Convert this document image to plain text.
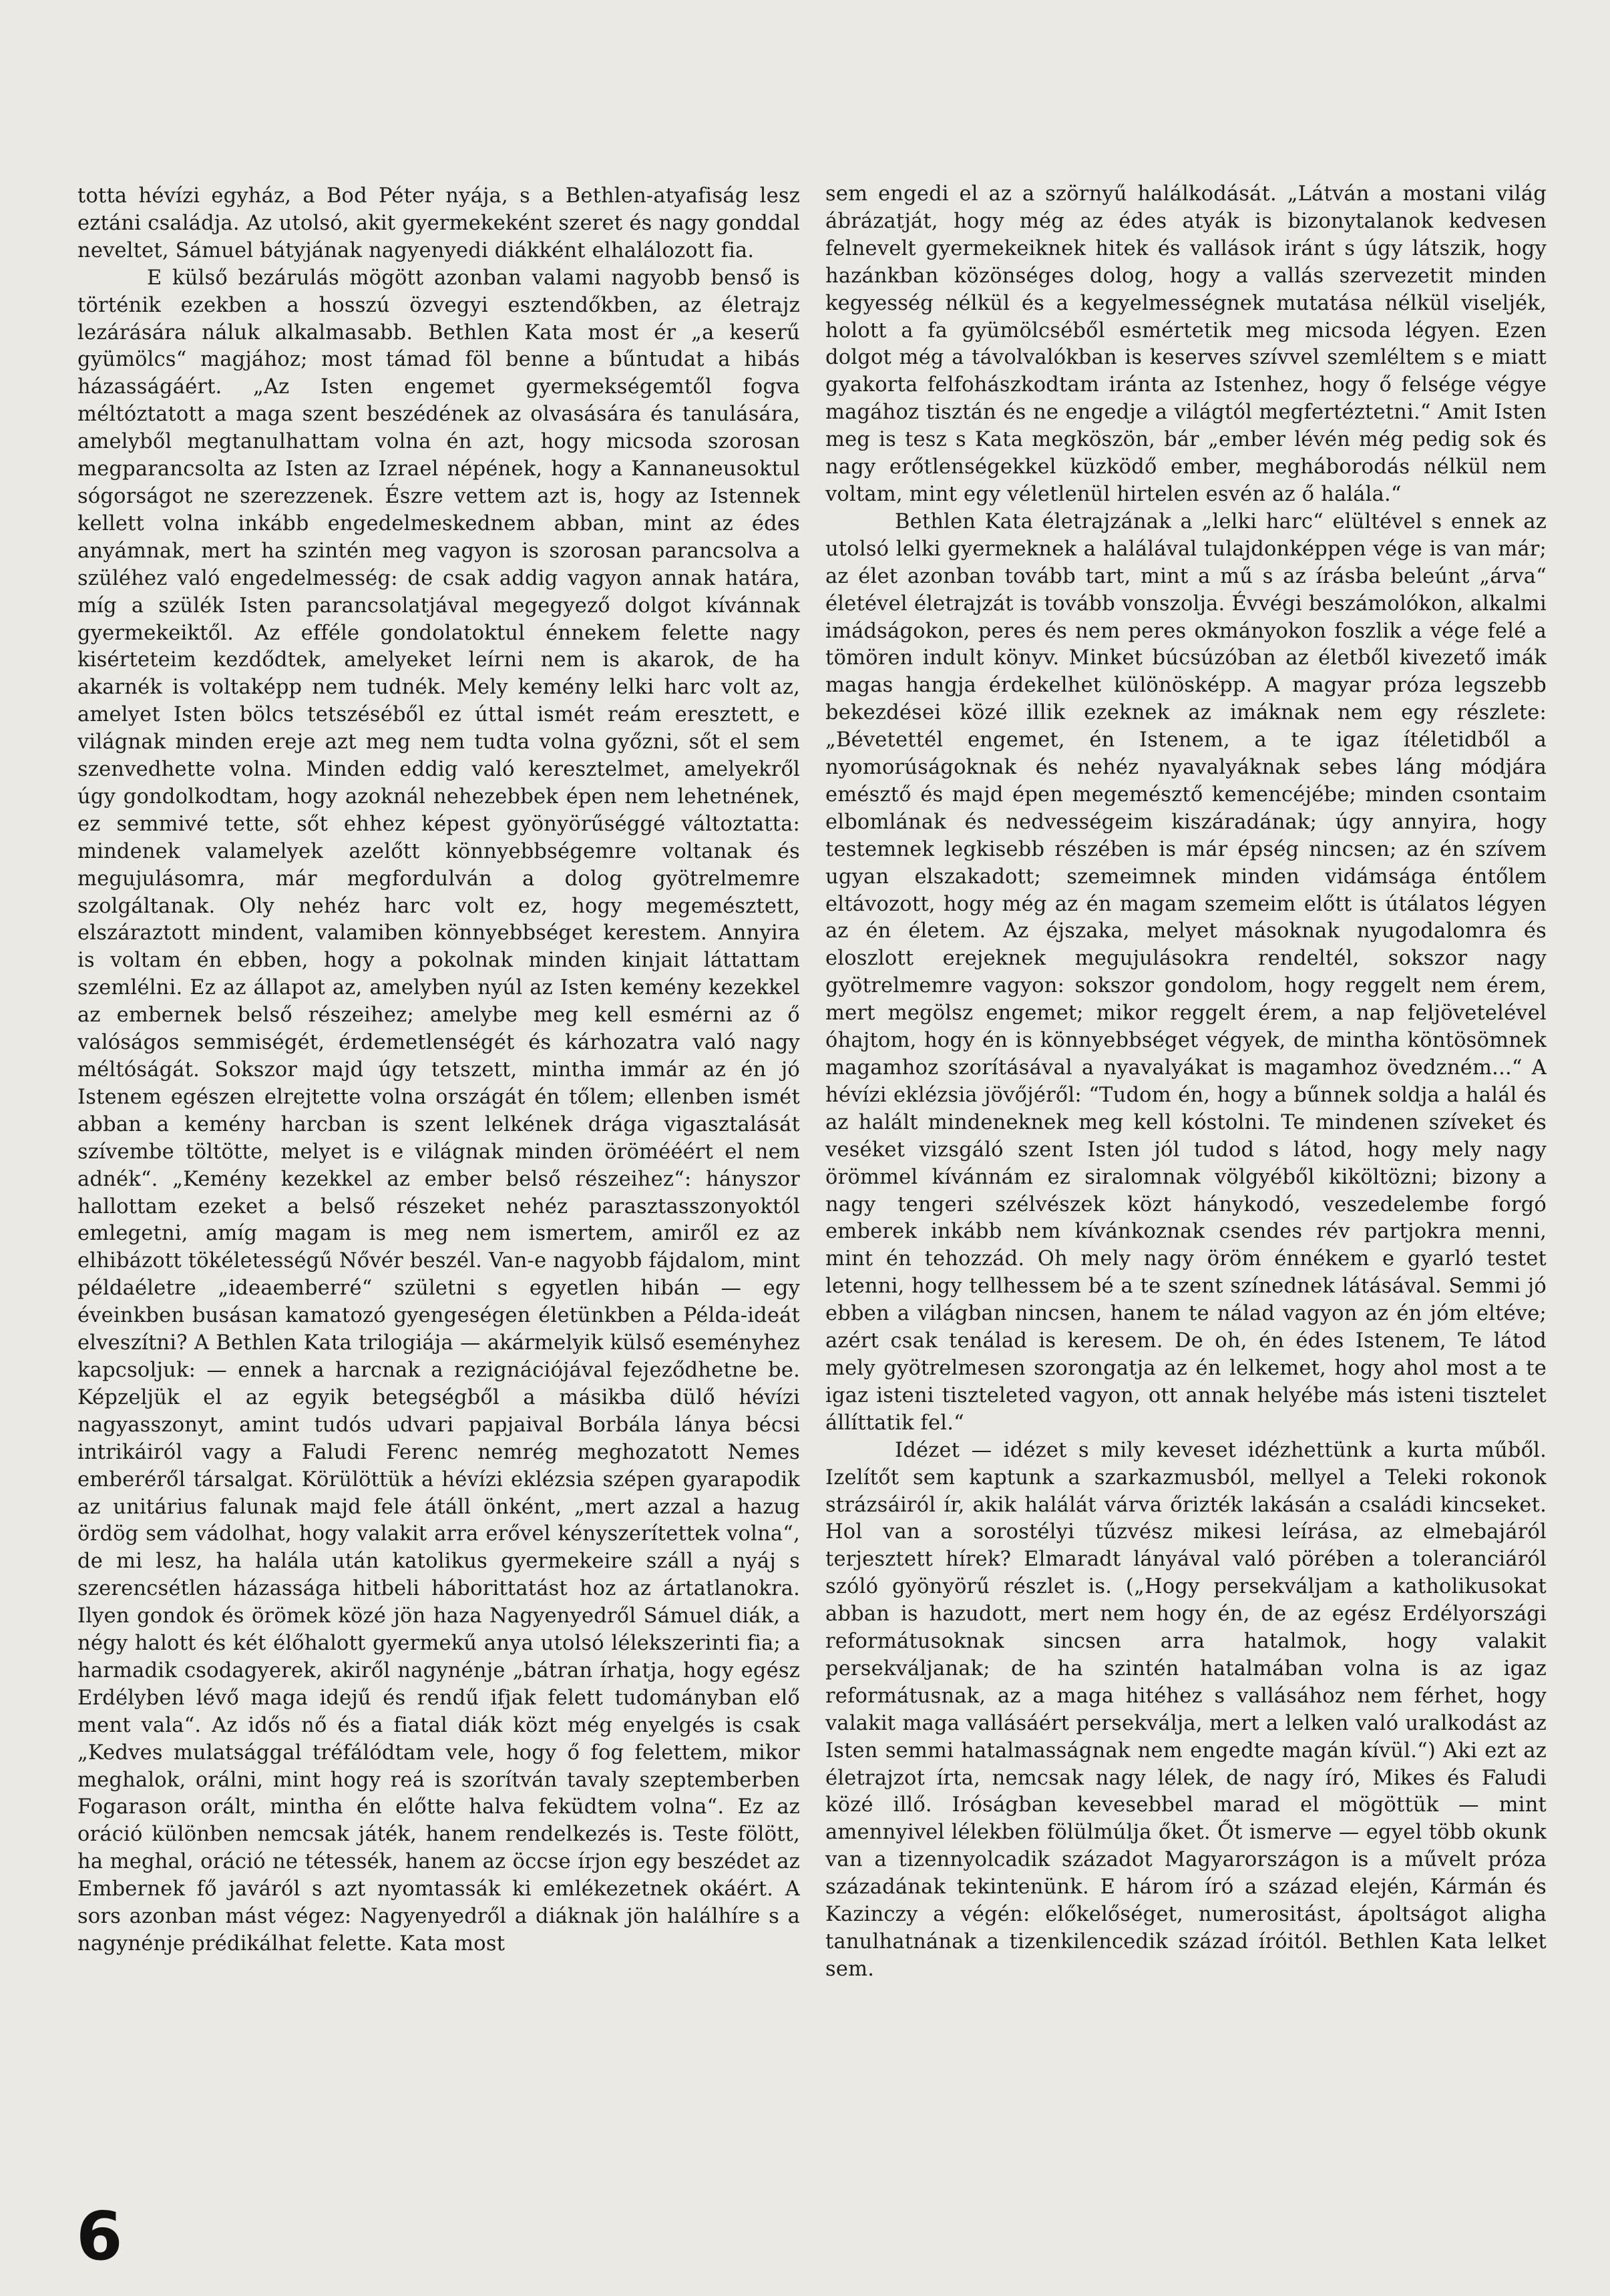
totta hévízi egyház, a Bod Péter nyája, s a Bethlen-atyafiság lesz eztáni családja. Az utolsó, akit gyermekeként szeret és nagy gonddal neveltet, Sámuel bátyjának nagyenyedi diákként elhalálozott fia.

E külső bezárulás mögött azonban valami nagyobb benső is történik ezekben a hosszú özvegyi esztendőkben, az életrajz lezárására náluk alkalmasabb. Bethlen Kata most ér „a keserű gyümölcs“ magjához; most támad föl benne a bűntudat a hibás házasságáért. „Az Isten engemet gyermekségemtől fogva méltóztatott a maga szent beszédének az olvasására és tanulására, amelyből megtanulhattam volna én azt, hogy micsoda szorosan megparancsolta az Isten az Izrael népének, hogy a Kannaneusoktul sógorságot ne szerezzenek. Észre vettem azt is, hogy az Istennek kellett volna inkább engedelmeskednem abban, mint az édes anyámnak, mert ha szintén meg vagyon is szorosan parancsolva a szüléhez való engedelmesség: de csak addig vagyon annak határa, míg a szülék Isten parancsolatjával megegyező dolgot kívánnak gyermekeiktől. Az efféle gondolatoktul énnekem felette nagy kisérteteim kezdődtek, amelyeket leírni nem is akarok, de ha akarnék is voltaképp nem tudnék. Mely kemény lelki harc volt az, amelyet Isten bölcs tetszéséből ez úttal ismét reám eresztett, e világnak minden ereje azt meg nem tudta volna győzni, sőt el sem szenvedhette volna. Minden eddig való keresztelmet, amelyekről úgy gondolkodtam, hogy azoknál nehezebbek épen nem lehetnének, ez semmivé tette, sőt ehhez képest gyönyörűséggé változtatta: mindenek valamelyek azelőtt könnyebbségemre voltanak és megujulásomra, már megfordulván a dolog gyötrelmemre szolgáltanak. Oly nehéz harc volt ez, hogy megemésztett, elszáraztott mindent, valamiben könnyebbséget kerestem. Annyira is voltam én ebben, hogy a pokolnak minden kinjait láttattam szemlélni. Ez az állapot az, amelyben nyúl az Isten kemény kezekkel az embernek belső részeihez; amelybe meg kell esmérni az ő valóságos semmiségét, érdemetlenségét és kárhozatra való nagy méltóságát. Sokszor majd úgy tetszett, mintha immár az én jó Istenem egészen elrejtette volna országát én tőlem; ellenben ismét abban a kemény harcban is szent lelkének drága vigasztalását szívembe töltötte, melyet is e világnak minden örömééért el nem adnék“. „Kemény kezekkel az ember belső részeihez“: hányszor hallottam ezeket a belső részeket nehéz parasztasszonyoktól emlegetni, amíg magam is meg nem ismertem, amiről ez az elhibázott tökéletességű Nővér beszél. Van-e nagyobb fájdalom, mint példaéletre „ideaemberré“ születni s egyetlen hibán — egy éveinkben busásan kamatozó gyengeségen életünkben a Példa-ideát elveszítni? A Bethlen Kata trilogiája — akármelyik külső eseményhez kapcsoljuk: — ennek a harcnak a rezignációjával fejeződhetne be. Képzeljük el az egyik betegségből a másikba dülő hévízi nagyasszonyt, amint tudós udvari papjaival Borbála lánya bécsi intrikáiról vagy a Faludi Ferenc nemrég meghozatott Nemes emberéről társalgat. Körülöttük a hévízi eklézsia szépen gyarapodik az unitárius falunak majd fele átáll önként, „mert azzal a hazug ördög sem vádolhat, hogy valakit arra erővel kényszerítettek volna“, de mi lesz, ha halála után katolikus gyermekeire száll a nyáj s szerencsétlen házassága hitbeli háborittatást hoz az ártatlanokra. Ilyen gondok és örömek közé jön haza Nagyenyedről Sámuel diák, a négy halott és két élőhalott gyermekű anya utolsó lélekszerinti fia; a harmadik csodagyerek, akiről nagynénje „bátran írhatja, hogy egész Erdélyben lévő maga idejű és rendű ifjak felett tudományban elő ment vala“. Az idős nő és a fiatal diák közt még enyelgés is csak „Kedves mulatsággal tréfálódtam vele, hogy ő fog felettem, mikor meghalok, orálni, mint hogy reá is szorítván tavaly szeptemberben Fogarason orált, mintha én előtte halva feküdtem volna“. Ez az oráció különben nemcsak játék, hanem rendelkezés is. Teste fölött, ha meghal, oráció ne tétessék, hanem az öccse írjon egy beszédet az Embernek fő javáról s azt nyomtassák ki emlékezetnek okáért. A sors azonban mást végez: Nagyenyedről a diáknak jön halálhíre s a nagynénje prédikálhat felette. Kata most

sem engedi el az a szörnyű halálkodását. „Látván a mostani világ ábrázatját, hogy még az édes atyák is bizonytalanok kedvesen felnevelt gyermekeiknek hitek és vallások iránt s úgy látszik, hogy hazánkban közönséges dolog, hogy a vallás szervezetit minden kegyesség nélkül és a kegyelmességnek mutatása nélkül viseljék, holott a fa gyümölcséből esmértetik meg micsoda légyen. Ezen dolgot még a távolvalókban is keserves szívvel szemléltem s e miatt gyakorta felfohászkodtam iránta az Istenhez, hogy ő felsége végye magához tisztán és ne engedje a világtól megfertéztetni.“ Amit Isten meg is tesz s Kata megköszön, bár „ember lévén még pedig sok és nagy erőtlenségekkel küzködő ember, megháborodás nélkül nem voltam, mint egy véletlenül hirtelen esvén az ő halála.“

Bethlen Kata életrajzának a „lelki harc“ elültével s ennek az utolsó lelki gyermeknek a halálával tulajdonképpen vége is van már; az élet azonban tovább tart, mint a mű s az írásba beleúnt „árva“ életével életrajzát is tovább vonszolja. Évvégi beszámolókon, alkalmi imádságokon, peres és nem peres okmányokon foszlik a vége felé a tömören indult könyv. Minket búcsúzóban az életből kivezető imák magas hangja érdekelhet különösképp. A magyar próza legszebb bekezdései közé illik ezeknek az imáknak nem egy részlete: „Bévetettél engemet, én Istenem, a te igaz ítéletidből a nyomorúságoknak és nehéz nyavalyáknak sebes láng módjára emésztő és majd épen megemésztő kemencéjébe; minden csontaim elbomlának és nedvességeim kiszáradának; úgy annyira, hogy testemnek legkisebb részében is már épség nincsen; az én szívem ugyan elszakadott; szemeimnek minden vidámsága éntőlem eltávozott, hogy még az én magam szemeim előtt is útálatos légyen az én életem. Az éjszaka, melyet másoknak nyugodalomra és eloszlott erejeknek megujulásokra rendeltél, sokszor nagy gyötrelmemre vagyon: sokszor gondolom, hogy reggelt nem érem, mert megölsz engemet; mikor reggelt érem, a nap feljövetelével óhajtom, hogy én is könnyebbséget végyek, de mintha köntösömnek magamhoz szorításával a nyavalyákat is magamhoz övedzném...“ A hévízi eklézsia jövőjéről: “Tudom én, hogy a bűnnek soldja a halál és az halált mindeneknek meg kell kóstolni. Te mindenen szíveket és veséket vizsgáló szent Isten jól tudod s látod, hogy mely nagy örömmel kívánnám ez siralomnak völgyéből kiköltözni; bizony a nagy tengeri szélvészek közt hánykodó, veszedelembe forgó emberek inkább nem kívánkoznak csendes rév partjokra menni, mint én tehozzád. Oh mely nagy öröm énnékem e gyarló testet letenni, hogy tellhessem bé a te szent színednek látásával. Semmi jó ebben a világban nincsen, hanem te nálad vagyon az én jóm eltéve; azért csak tenálad is keresem. De oh, én édes Istenem, Te látod mely gyötrelmesen szorongatja az én lelkemet, hogy ahol most a te igaz isteni tiszteleted vagyon, ott annak helyébe más isteni tisztelet állíttatik fel.“

Idézet — idézet s mily keveset idézhettünk a kurta műből. Izelítőt sem kaptunk a szarkazmusból, mellyel a Teleki rokonok strázsáiról ír, akik halálát várva őrizték lakásán a családi kincseket. Hol van a sorostélyi tűzvész mikesi leírása, az elmebajáról terjesztett hírek? Elmaradt lányával való pörében a toleranciáról szóló gyönyörű részlet is. („Hogy persekváljam a katholikusokat abban is hazudott, mert nem hogy én, de az egész Erdélyországi reformátusoknak sincsen arra hatalmok, hogy valakit persekváljanak; de ha szintén hatalmában volna is az igaz reformátusnak, az a maga hitéhez s vallásához nem férhet, hogy valakit maga vallásáért persekválja, mert a lelken való uralkodást az Isten semmi hatalmasságnak nem engedte magán kívül.“) Aki ezt az életrajzot írta, nemcsak nagy lélek, de nagy író, Mikes és Faludi közé illő. Iróságban kevesebbel marad el mögöttük — mint amennyivel lélekben fölülmúlja őket. Őt ismerve — egyel több okunk van a tizennyolcadik századot Magyarországon is a művelt próza századának tekintenünk. E három író a század elején, Kármán és Kazinczy a végén: előkelőséget, numerositást, ápoltságot aligha tanulhatnának a tizenkilencedik század íróitól. Bethlen Kata lelket sem.

6
